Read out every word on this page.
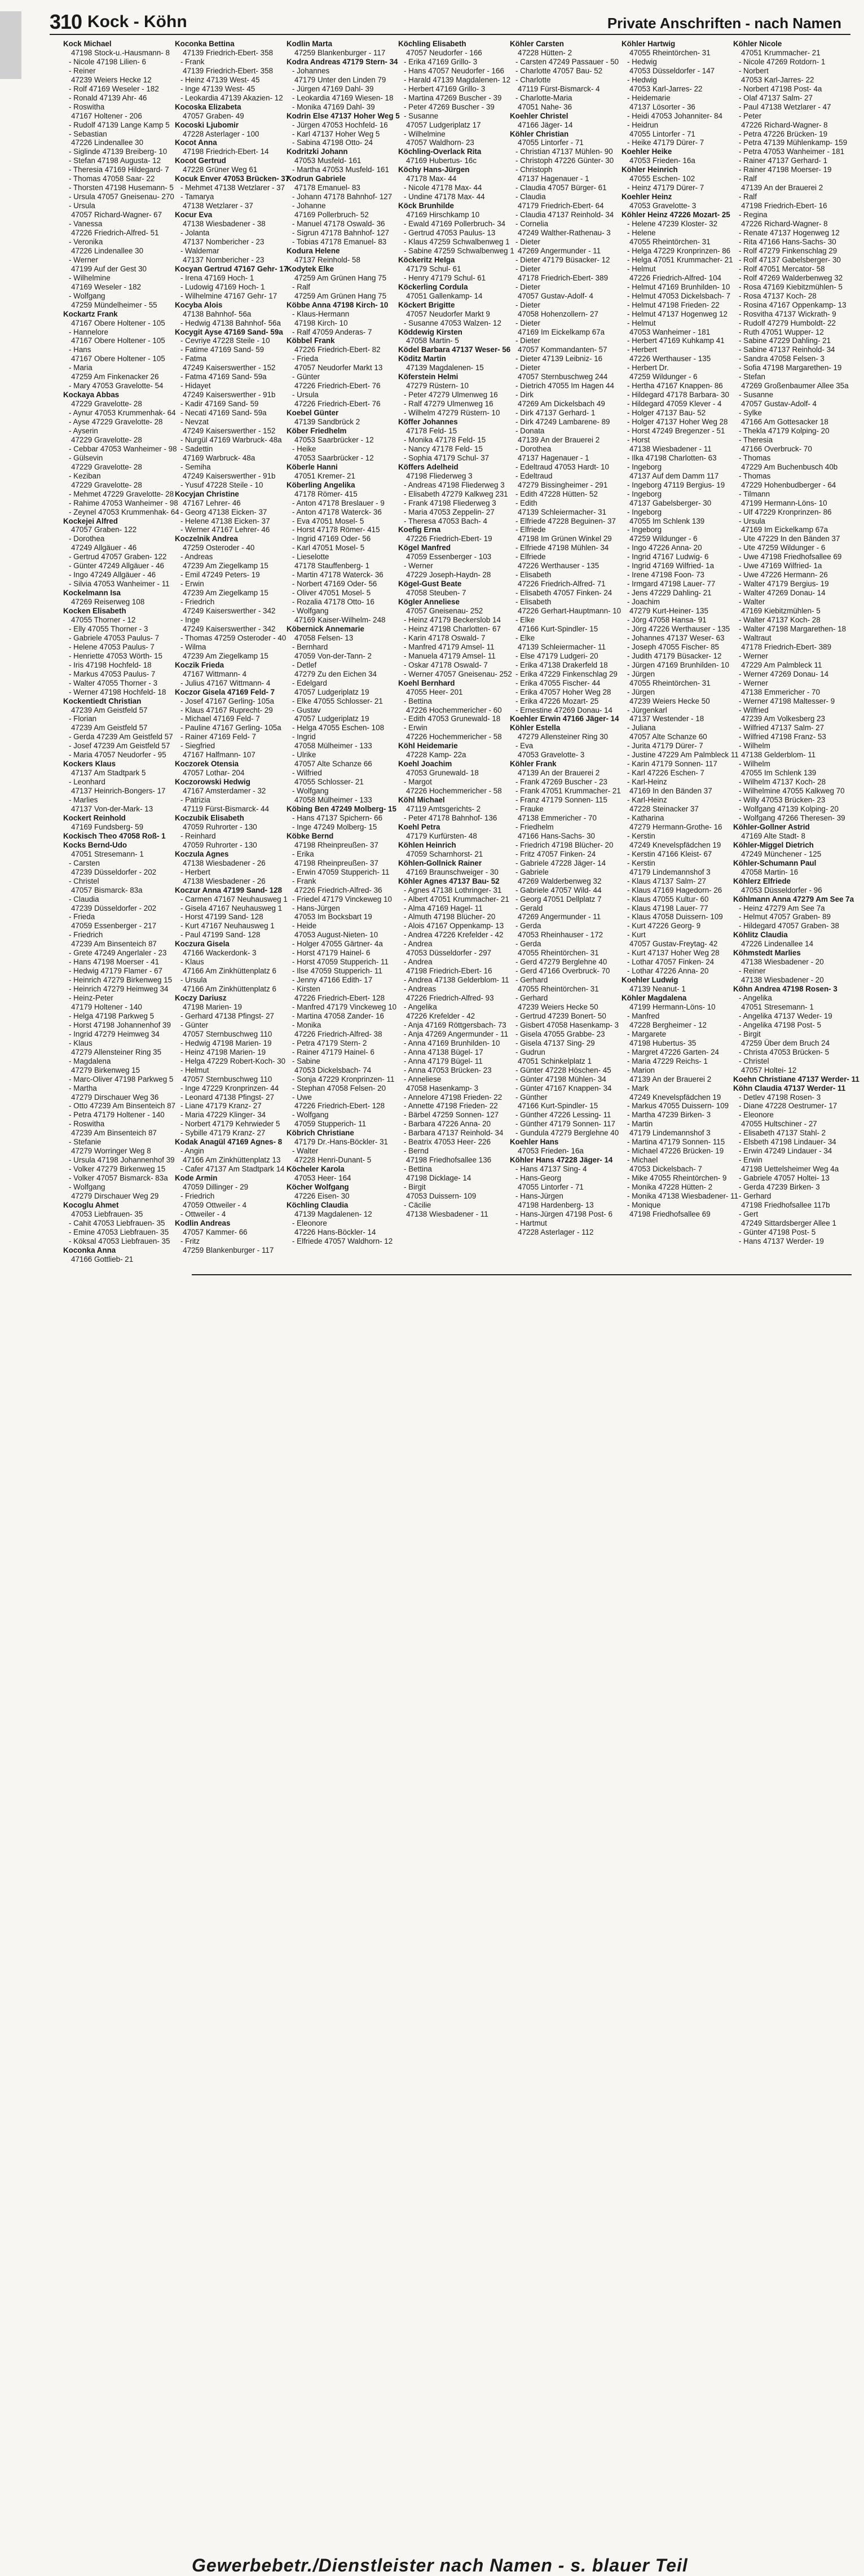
310 Kock - Köhn	Private Anschriften - nach Namen
Kock Michael
47198 Stock-u.-Hausmann- 8
- Nicole 47198 Lilien- 6
- Reiner
47239 Weiers Hecke 12
- Rolf 47169 Weseler - 182
- Ronald 47139 Ahr- 46
- Roswitha
47167 Holtener - 206
- Rudolf 47139 Lange Kamp 5
- Sebastian
47226 Lindenallee 30
- Siglinde 47139 Breiberg- 10
- Stefan 47198 Augusta- 12
- Theresia 47169 Hildegard- 7
- Thomas 47058 Saar- 22
- Thorsten 47198 Husemann- 5
- Ursula 47057 Gneisenau- 270
- Ursula
47057 Richard-Wagner- 67
- Vanessa
47226 Friedrich-Alfred- 51
- Veronika
47226 Lindenallee 30
- Werner
47199 Auf der Gest 30
- Wilhelmine
47169 Weseler - 182
- Wolfgang
47259 Mündelheimer - 55
Kockartz Frank
47167 Obere Holtener - 105
- Hannelore
47167 Obere Holtener - 105
- Hans
47167 Obere Holtener - 105
- Maria
47259 Am Finkenacker 26
- Mary 47053 Gravelotte- 54
Kockaya Abbas
47229 Gravelotte- 28
- Aynur 47053 Krummenhak- 64
- Ayse 47229 Gravelotte- 28
- Ayserin
47229 Gravelotte- 28
- Cebbar 47053 Wanheimer - 98
- Gülsevin
47229 Gravelotte- 28
- Keziban
47229 Gravelotte- 28
- Mehmet 47229 Gravelotte- 28
- Rahime 47053 Wanheimer - 98
- Zeynel 47053 Krummenhak- 64
Kockejei Alfred
47057 Graben- 122
- Dorothea
47249 Allgäuer - 46
- Gertrud 47057 Graben- 122
- Günter 47249 Allgäuer - 46
- Ingo 47249 Allgäuer - 46
- Silvia 47053 Wanheimer - 11
Kockelmann Isa
47269 Reiserweg 108
Kocken Elisabeth
47055 Thorner - 12
- Elly 47055 Thorner - 3
- Gabriele 47053 Paulus- 7
- Helene 47053 Paulus- 7
- Henriette 47053 Wörth- 15
- Iris 47198 Hochfeld- 18
- Markus 47053 Paulus- 7
- Walter 47055 Thorner - 3
- Werner 47198 Hochfeld- 18
Kockentiedt Christian
47239 Am Geistfeld 57
- Florian
47239 Am Geistfeld 57
- Gerda 47239 Am Geistfeld 57
- Josef 47239 Am Geistfeld 57
- Maria 47057 Neudorfer - 95
Kockers Klaus
47137 Am Stadtpark 5
- Leonhard
47137 Heinrich-Bongers- 17
- Marlies
47137 Von-der-Mark- 13
Kockert Reinhold
47169 Fundsberg- 59
Kockisch Theo 47058 Roß- 1
Kocks Bernd-Udo
47051 Stresemann- 1
- Carsten
47239 Düsseldorfer - 202
- Christel
47057 Bismarck- 83a
- Claudia
47239 Düsseldorfer - 202
- Frieda
47059 Essenberger - 217
- Friedrich
47239 Am Binsenteich 87
- Grete 47249 Angerlaler - 23
- Hans 47198 Moerser - 41
- Hedwig 47179 Flamer - 67
- Heinrich 47279 Birkenweg 15
- Heinrich 47279 Heimweg 34
- Heinz-Peter
47179 Holtener - 140
- Helga 47198 Parkweg 5
- Horst 47198 Johannenhof 39
- Ingrid 47279 Heimweg 34
- Klaus
47279 Allensteiner Ring 35
- Magdalena
47279 Birkenweg 15
- Marc-Oliver 47198 Parkweg 5
- Martha
47279 Dirschauer Weg 36
- Otto 47239 Am Binsenteich 87
- Petra 47179 Holtener - 140
- Roswitha
47239 Am Binsenteich 87
- Stefanie
47279 Worringer Weg 8
- Ursula 47198 Johannenhof 39
- Volker 47279 Birkenweg 15
- Volker 47057 Bismarck- 83a
- Wolfgang
47279 Dirschauer Weg 29
Kocoglu Ahmet
47053 Liebfrauen- 35
- Cahit 47053 Liebfrauen- 35
- Emine 47053 Liebfrauen- 35
- Köksal 47053 Liebfrauen- 35
Koconka Anna
47166 Gottlieb- 21
Koconka Bettina
47139 Friedrich-Ebert- 358
- Frank
47139 Friedrich-Ebert- 358
- Heinz 47139 West- 45
- Inge 47139 West- 45
- Leokardia 47139 Akazien- 12
Kocoska Elizabeta
47057 Graben- 49
Kocoski Ljubomir
47228 Asterlager - 100
Kocot Anna
47198 Friedrich-Ebert- 14
Kocot Gertrud
47228 Grüner Weg 61
Kocuk Enver 47053 Brücken- 37
- Mehmet 47138 Wetzlarer - 37
- Tamarya
47138 Wetzlarer - 37
Kocur Eva
47138 Wiesbadener - 38
- Jolanta
47137 Nombericher - 23
- Waldemar
47137 Nombericher - 23
Kocyan Gertrud 47167 Gehr- 17
- Irena 47169 Hoch- 1
- Ludowig 47169 Hoch- 1
- Wilhelmine 47167 Gehr- 17
Kocyba Alois
47138 Bahnhof- 56a
- Hedwig 47138 Bahnhof- 56a
Kocygit Ayse 47169 Sand- 59a
- Cevriye 47228 Steile - 10
- Fatime 47169 Sand- 59
- Fatma
47249 Kaiserswerther - 152
- Fatma 47169 Sand- 59a
- Hidayet
47249 Kaiserswerther - 91b
- Kadir 47169 Sand- 59
- Necati 47169 Sand- 59a
- Nevzat
47249 Kaiserswerther - 152
- Nurgül 47169 Warbruck- 48a
- Sadettin
47169 Warbruck- 48a
- Semiha
47249 Kaiserswerther - 91b
- Yusuf 47228 Steile - 10
Kocyjan Christine
47167 Lehrer- 46
- Georg 47138 Eicken- 37
- Helene 47138 Eicken- 37
- Werner 47167 Lehrer- 46
Koczelnik Andrea
47259 Osteroder - 40
- Andreas
47239 Am Ziegelkamp 15
- Emil 47249 Peters- 19
- Erwin
47239 Am Ziegelkamp 15
- Friedrich
47249 Kaiserswerther - 342
- Inge
47249 Kaiserswerther - 342
- Thomas 47259 Osteroder - 40
- Wilma
47239 Am Ziegelkamp 15
Koczik Frieda
47167 Wittmann- 4
- Julius 47167 Wittmann- 4
Koczor Gisela 47169 Feld- 7
- Josef 47167 Gerling- 105a
- Klaus 47167 Ruprecht- 29
- Michael 47169 Feld- 7
- Pauline 47167 Gerling- 105a
- Rainer 47169 Feld- 7
- Siegfried
47167 Halfmann- 107
Koczorek Otensia
47057 Lothar- 204
Koczorowski Hedwig
47167 Amsterdamer - 32
- Patrizia
47119 Fürst-Bismarck- 44
Koczubik Elisabeth
47059 Ruhrorter - 130
- Reinhard
47059 Ruhrorter - 130
Koczula Agnes
47138 Wiesbadener - 26
- Herbert
47138 Wiesbadener - 26
Koczur Anna 47199 Sand- 128
- Carmen 47167 Neuhausweg 1
- Gisela 47167 Neuhausweg 1
- Horst 47199 Sand- 128
- Kurt 47167 Neuhausweg 1
- Paul 47199 Sand- 128
Koczura Gisela
47166 Wackerdonk- 3
- Klaus
47166 Am Zinkhüttenplatz 6
- Ursula
47166 Am Zinkhüttenplatz 6
Koczy Dariusz
47198 Marien- 19
- Gerhard 47138 Pfingst- 27
- Günter
47057 Sternbuschweg 110
- Hedwig 47198 Marien- 19
- Heinz 47198 Marien- 19
- Helga 47229 Robert-Koch- 30
- Helmut
47057 Sternbuschweg 110
- Inge 47229 Kronprinzen- 44
- Leonard 47138 Pfingst- 27
- Liane 47179 Kranz- 27
- Maria 47229 Klinger- 34
- Norbert 47179 Kehrwieder 5
- Sybille 47179 Kranz- 27
Kodak Anagül 47169 Agnes- 8
- Angin
47166 Am Zinkhüttenplatz 13
- Cafer 47137 Am Stadtpark 14
Kode Armin
47059 Dillinger - 29
- Friedrich
47059 Ottweiler - 4
- Ottweiler - 4
Kodlin Andreas
47057 Kammer- 66
- Fritz
47259 Blankenburger - 117
Kodlin Marta
47259 Blankenburger - 117
Kodra Andreas 47179 Stern- 34
- Johannes
47179 Unter den Linden 79
- Jürgen 47169 Dahl- 39
- Leokardia 47169 Wiesen- 18
- Monika 47169 Dahl- 39
Kodrin Else 47137 Hoher Weg 5
- Jürgen 47053 Hochfeld- 16
- Karl 47137 Hoher Weg 5
- Sabina 47198 Otto- 24
Kodritzki Johann
47053 Musfeld- 161
- Martha 47053 Musfeld- 161
Kodrun Gabriele
47178 Emanuel- 83
- Johann 47178 Bahnhof- 127
- Johanne
47169 Pollerbruch- 52
- Manuel 47178 Oswald- 36
- Sigrun 47178 Bahnhof- 127
- Tobias 47178 Emanuel- 83
Kodura Helene
47137 Reinhold- 58
Kodytek Elke
47259 Am Grünen Hang 75
- Ralf
47259 Am Grünen Hang 75
Köbbe Anna 47198 Kirch- 10
- Klaus-Hermann
47198 Kirch- 10
- Ralf 47059 Anderas- 7
Köbbel Frank
47226 Friedrich-Ebert- 82
- Frieda
47057 Neudorfer Markt 13
- Günter
47226 Friedrich-Ebert- 76
- Ursula
47226 Friedrich-Ebert- 76
Koebel Günter
47139 Sandbrück 2
Köber Friedhelm
47053 Saarbrücker - 12
- Heike
47053 Saarbrücker - 12
Köberle Hanni
47051 Kremer- 21
Köberling Angelika
47178 Römer- 415
- Anton 47178 Breslauer - 9
- Anton 47178 Waterck- 36
- Eva 47051 Mosel- 5
- Horst 47178 Römer- 415
- Ingrid 47169 Oder- 56
- Karl 47051 Mosel- 5
- Lieselotte
47178 Stauffenberg- 1
- Martin 47178 Waterck- 36
- Norbert 47169 Oder- 56
- Oliver 47051 Mosel- 5
- Rozalia 47178 Otto- 16
- Wolfgang
47169 Kaiser-Wilhelm- 248
Köbernick Annemarie
47058 Felsen- 13
- Bernhard
47059 Von-der-Tann- 2
- Detlef
47279 Zu den Eichen 34
- Edelgard
47057 Ludgeriplatz 19
- Elke 47055 Schlosser- 21
- Gustav
47057 Ludgeriplatz 19
- Helga 47055 Eschen- 108
- Ingrid
47058 Mülheimer - 133
- Ulrike
47057 Alte Schanze 66
- Wilfried
47055 Schlosser- 21
- Wolfgang
47058 Mülheimer - 133
Köbing Ben 47249 Molberg- 15
- Hans 47137 Spichern- 66
- Inge 47249 Molberg- 15
Köbke Bernd
47198 Rheinpreußen- 37
- Erika
47198 Rheinpreußen- 37
- Erwin 47059 Stupperich- 11
- Frank
47226 Friedrich-Alfred- 36
- Friedel 47179 Vinckeweg 10
- Hans-Jürgen
47053 Im Bocksbart 19
- Heide
47053 August-Nieten- 10
- Holger 47055 Gärtner- 4a
- Horst 47179 Hainel- 6
- Horst 47059 Stupperich- 11
- Ilse 47059 Stupperich- 11
- Jenny 47166 Edith- 17
- Kirsten
47226 Friedrich-Ebert- 128
- Manfred 47179 Vinckeweg 10
- Martina 47058 Zander- 16
- Monika
47226 Friedrich-Alfred- 38
- Petra 47179 Stern- 2
- Rainer 47179 Hainel- 6
- Sabine
47053 Dickelsbach- 74
- Sonja 47229 Kronprinzen- 11
- Stephan 47058 Felsen- 20
- Uwe
47226 Friedrich-Ebert- 128
- Wolfgang
47059 Stupperich- 11
Köbrich Christiane
47179 Dr.-Hans-Böckler- 31
- Walter
47228 Henri-Dunant- 5
Köcheler Karola
47053 Heer- 164
Köcher Wolfgang
47226 Eisen- 30
Köchling Claudia
47139 Magdalenen- 12
- Eleonore
47226 Hans-Böckler- 14
- Elfriede 47057 Waldhorn- 12
Köchling Elisabeth
47057 Neudorfer - 166
- Erika 47169 Grillo- 3
- Hans 47057 Neudorfer - 166
- Harald 47139 Magdalenen- 12
- Herbert 47169 Grillo- 3
- Martina 47269 Buscher - 39
- Peter 47269 Buscher - 39
- Susanne
47057 Ludgeriplatz 17
- Wilhelmine
47057 Waldhorn- 23
Köchling-Overlack Rita
47169 Hubertus- 16c
Köchy Hans-Jürgen
47178 Max- 44
- Nicole 47178 Max- 44
- Undine 47178 Max- 44
Köck Brunhilde
47169 Hirschkamp 10
- Ewald 47169 Pollerbruch- 34
- Gertrud 47053 Paulus- 13
- Klaus 47259 Schwalbenweg 1
- Sabine 47259 Schwalbenweg 1
Köckeritz Helga
47179 Schul- 61
- Henry 47179 Schul- 61
Köckerling Cordula
47051 Gallenkamp- 14
Köckert Brigitte
47057 Neudorfer Markt 9
- Susanne 47053 Walzen- 12
Köddewig Kirsten
47058 Martin- 5
Ködel Barbara 47137 Weser- 56
Köditz Martin
47139 Magdalenen- 15
Köferstein Helmi
47279 Rüstern- 10
- Peter 47279 Ulmenweg 16
- Ralf 47279 Ulmenweg 16
- Wilhelm 47279 Rüstern- 10
Köffer Johannes
47178 Feld- 15
- Monika 47178 Feld- 15
- Nancy 47178 Feld- 15
- Sophia 47179 Schul- 37
Köffers Adelheid
47198 Fliederweg 3
- Andreas 47198 Fliederweg 3
- Elisabeth 47279 Kalkweg 231
- Frank 47198 Fliederweg 3
- Maria 47053 Zeppelin- 27
- Theresa 47053 Bach- 4
Koefig Erna
47226 Friedrich-Ebert- 19
Kögel Manfred
47059 Essenberger - 103
- Werner
47229 Joseph-Haydn- 28
Kögel-Gust Beate
47058 Steuben- 7
Kögler Anneliese
47057 Gneisenau- 252
- Heinz 47179 Beckerslob 14
- Heinz 47198 Charlotten- 67
- Karin 47178 Oswald- 7
- Manfred 47179 Amsel- 11
- Manuela 47179 Amsel- 11
- Oskar 47178 Oswald- 7
- Werner 47057 Gneisenau- 252
Koehl Bernhard
47055 Heer- 201
- Bettina
47226 Hochemmericher - 60
- Edith 47053 Grunewald- 18
- Erwin
47226 Hochemmericher - 58
Köhl Heidemarie
47228 Kamp- 22a
Koehl Joachim
47053 Grunewald- 18
- Margot
47226 Hochemmericher - 58
Köhl Michael
47119 Amtsgerichts- 2
- Peter 47178 Bahnhof- 136
Koehl Petra
47179 Kurfürsten- 48
Köhlen Heinrich
47059 Scharnhorst- 21
Köhlen-Gollnick Rainer
47169 Braunschweiger - 30
Köhler Agnes 47137 Bau- 52
- Agnes 47138 Lothringer- 31
- Albert 47051 Krummacher- 21
- Alma 47169 Hagel- 11
- Almuth 47198 Blücher- 20
- Alois 47167 Oppenkamp- 13
- Andrea 47226 Krefelder - 42
- Andrea
47053 Düsseldorfer - 297
- Andrea
47198 Friedrich-Ebert- 16
- Andrea 47138 Gelderblom- 11
- Andreas
47226 Friedrich-Alfred- 93
- Angelika
47226 Krefelder - 42
- Anja 47169 Röttgersbach- 73
- Anja 47269 Angermunder - 11
- Anna 47169 Brunhilden- 10
- Anna 47138 Bügel- 17
- Anna 47179 Bügel- 11
- Anna 47053 Brücken- 23
- Anneliese
47058 Hasenkamp- 3
- Annelore 47198 Frieden- 22
- Annette 47198 Frieden- 22
- Bärbel 47259 Sonnen- 127
- Barbara 47226 Anna- 20
- Barbara 47137 Reinhold- 34
- Beatrix 47053 Heer- 226
- Bernd
47198 Friedhofsallee 136
- Bettina
47198 Dicklage- 14
- Birgit
47053 Duissern- 109
- Cäcilie
47138 Wiesbadener - 11
Köhler Carsten
47228 Hütten- 2
- Carsten 47249 Passauer - 50
- Charlotte 47057 Bau- 52
- Charlotte
47119 Fürst-Bismarck- 4
- Charlotte-Maria
47051 Nahe- 36
Koehler Christel
47166 Jäger- 14
Köhler Christian
47055 Lintorfer - 71
- Christian 47137 Mühlen- 90
- Christoph 47226 Günter- 30
- Christoph
47137 Hagenauer - 1
- Claudia 47057 Bürger- 61
- Claudia
47179 Friedrich-Ebert- 64
- Claudia 47137 Reinhold- 34
- Cornelia
47249 Walther-Rathenau- 3
- Dieter
47269 Angermunder - 11
- Dieter 47179 Büsacker- 12
- Dieter
47178 Friedrich-Ebert- 389
- Dieter
47057 Gustav-Adolf- 4
- Dieter
47058 Hohenzollern- 27
- Dieter
47169 Im Eickelkamp 67a
- Dieter
47057 Kommandanten- 57
- Dieter 47139 Leibniz- 16
- Dieter
47057 Sternbuschweg 244
- Dietrich 47055 Im Hagen 44
- Dirk
47269 Am Dickelsbach 49
- Dirk 47137 Gerhard- 1
- Dirk 47249 Lambarene- 89
- Donata
47139 An der Brauerei 2
- Dorothea
47137 Hagenauer - 1
- Edeltraud 47053 Hardt- 10
- Edeltraud
47279 Bissingheimer - 291
- Edith 47228 Hütten- 52
- Edith
47139 Schleiermacher- 31
- Elfriede 47228 Beguinen- 37
- Elfriede
47198 Im Grünen Winkel 29
- Elfriede 47198 Mühlen- 34
- Elfriede
47226 Werthauser - 135
- Elisabeth
47226 Friedrich-Alfred- 71
- Elisabeth 47057 Finken- 24
- Elisabeth
47226 Gerhart-Hauptmann- 10
- Elke
47166 Kurt-Spindler- 15
- Elke
47139 Schleiermacher- 11
- Else 47179 Ludgeri- 20
- Erika 47138 Drakerfeld 18
- Erika 47229 Finkenschlag 29
- Erika 47055 Fischer- 44
- Erika 47057 Hoher Weg 28
- Erika 47226 Mozart- 25
- Ernestine 47269 Donau- 14
Koehler Erwin 47166 Jäger- 14
Köhler Estella
47279 Allensteiner Ring 30
- Eva
47053 Gravelotte- 3
Köhler Frank
47139 An der Brauerei 2
- Frank 47269 Buscher - 23
- Frank 47051 Krummacher- 21
- Franz 47179 Sonnen- 115
- Frauke
47138 Emmericher - 70
- Friedhelm
47166 Hans-Sachs- 30
- Friedrich 47198 Blücher- 20
- Fritz 47057 Finken- 24
- Gabriele 47228 Jäger- 14
- Gabriele
47269 Walderbenweg 32
- Gabriele 47057 Wild- 44
- Georg 47051 Dellplatz 7
- Gerald
47269 Angermunder - 11
- Gerda
47053 Rheinhauser - 172
- Gerda
47055 Rheintörchen- 31
- Gerd 47279 Berglehne 40
- Gerd 47166 Overbruck- 70
- Gerhard
47055 Rheintörchen- 31
- Gerhard
47239 Weiers Hecke 50
- Gertrud 47239 Bonert- 50
- Gisbert 47058 Hasenkamp- 3
- Gisela 47055 Grabbe- 23
- Gisela 47137 Sing- 29
- Gudrun
47051 Schinkelplatz 1
- Günter 47228 Höschen- 45
- Günter 47198 Mühlen- 34
- Günter 47167 Knappen- 34
- Günther
47166 Kurt-Spindler- 15
- Günther 47226 Lessing- 11
- Günther 47179 Sonnen- 117
- Gundula 47279 Berglehne 40
Koehler Hans
47053 Frieden- 16a
Köhler Hans 47228 Jäger- 14
- Hans 47137 Sing- 4
- Hans-Georg
47055 Lintorfer - 71
- Hans-Jürgen
47198 Hardenberg- 13
- Hans-Jürgen 47198 Post- 6
- Hartmut
47228 Asterlager - 112
Köhler Hartwig
47055 Rheintörchen- 31
- Hedwig
47053 Düsseldorfer - 147
- Hedwig
47053 Karl-Jarres- 22
- Heidemarie
47137 Lösorter - 36
- Heidi 47053 Johanniter- 84
- Heidrun
47055 Lintorfer - 71
- Heike 47179 Dürer- 7
Koehler Heike
47053 Frieden- 16a
Köhler Heinrich
47055 Eschen- 102
- Heinz 47179 Dürer- 7
Koehler Heinz
47053 Gravelotte- 3
Köhler Heinz 47226 Mozart- 25
- Helene 47239 Kloster- 32
- Helene
47055 Rheintörchen- 31
- Helga 47229 Kronprinzen- 86
- Helga 47051 Krummacher- 21
- Helmut
47226 Friedrich-Alfred- 104
- Helmut 47169 Brunhilden- 10
- Helmut 47053 Dickelsbach- 7
- Helmut 47198 Frieden- 22
- Helmut 47137 Hogenweg 12
- Helmut
47053 Wanheimer - 181
- Herbert 47169 Kuhkamp 41
- Herbert
47226 Werthauser - 135
- Herbert Dr.
47259 Wildunger - 6
- Hertha 47167 Knappen- 86
- Hildegard 47178 Barbara- 30
- Hildegard 47059 Klever - 4
- Holger 47137 Bau- 52
- Holger 47137 Hoher Weg 28
- Horst 47249 Bregenzer - 51
- Horst
47138 Wiesbadener - 11
- Ilka 47198 Charlotten- 63
- Ingeborg
47137 Auf dem Damm 117
- Ingeborg 47119 Bergius- 19
- Ingeborg
47137 Gabelsberger- 30
- Ingeborg
47055 Im Schlenk 139
- Ingeborg
47259 Wildunger - 6
- Ingo 47226 Anna- 20
- Ingrid 47167 Ludwig- 6
- Ingrid 47169 Wilfried- 1a
- Irene 47198 Foon- 73
- Irmgard 47198 Lauer- 77
- Jens 47229 Dahling- 21
- Joachim
47279 Kurt-Heiner- 135
- Jörg 47058 Hansa- 91
- Jörg 47226 Werthauser - 135
- Johannes 47137 Weser- 63
- Joseph 47055 Fischer- 85
- Judith 47179 Büsacker- 12
- Jürgen 47169 Brunhilden- 10
- Jürgen
47055 Rheintörchen- 31
- Jürgen
47239 Weiers Hecke 50
- Jürgenkarl
47137 Westender - 18
- Juliana
47057 Alte Schanze 60
- Jurita 47179 Dürer- 7
- Justine 47229 Am Palmbleck 11
- Karin 47179 Sonnen- 117
- Karl 47226 Eschen- 7
- Karl-Heinz
47169 In den Bänden 37
- Karl-Heinz
47228 Steinacker 37
- Katharina
47279 Hermann-Grothe- 16
- Kerstin
47249 Knevelspfädchen 19
- Kerstin 47166 Kleist- 67
- Kerstin
47179 Lindemannshof 3
- Klaus 47137 Salm- 27
- Klaus 47169 Hagedorn- 26
- Klaus 47055 Kultur- 60
- Klaus 47198 Lauer- 77
- Klaus 47058 Duissern- 109
- Kurt 47226 Georg- 9
- Kurt
47057 Gustav-Freytag- 42
- Kurt 47137 Hoher Weg 28
- Lothar 47057 Finken- 24
- Lothar 47226 Anna- 20
Koehler Ludwig
47139 Neanut- 1
Köhler Magdalena
47199 Hermann-Löns- 10
- Manfred
47228 Bergheimer - 12
- Margarete
47198 Hubertus- 35
- Margret 47226 Garten- 24
- Maria 47229 Reichs- 1
- Marion
47139 An der Brauerei 2
- Mark
47249 Knevelspfädchen 19
- Markus 47055 Duissern- 109
- Martha 47239 Birken- 3
- Martin
47179 Lindemannshof 3
- Martina 47179 Sonnen- 115
- Michael 47226 Brücken- 19
- Michael
47053 Dickelsbach- 7
- Mike 47055 Rheintörchen- 9
- Monika 47228 Hütten- 2
- Monika 47138 Wiesbadener- 11
- Monique
47198 Friedhofsallee 69
Köhler Nicole
47051 Krummacher- 21
- Nicole 47269 Rotdorn- 1
- Norbert
47053 Karl-Jarres- 22
- Norbert 47198 Post- 4a
- Olaf 47137 Salm- 27
- Paul 47138 Wetzlarer - 47
- Peter
47226 Richard-Wagner- 8
- Petra 47226 Brücken- 19
- Petra 47139 Mühlenkamp- 159
- Petra 47053 Wanheimer - 181
- Rainer 47137 Gerhard- 1
- Rainer 47198 Moerser- 19
- Ralf
47139 An der Brauerei 2
- Ralf
47198 Friedrich-Ebert- 16
- Regina
47226 Richard-Wagner- 8
- Renate 47137 Hogenweg 12
- Rita 47166 Hans-Sachs- 30
- Rolf 47279 Finkenschlag 29
- Rolf 47137 Gabelsberger- 30
- Rolf 47051 Mercator- 58
- Rolf 47269 Walderbenweg 32
- Rosa 47169 Kiebitzmühlen- 5
- Rosa 47137 Koch- 28
- Rosina 47167 Oppenkamp- 13
- Rosvitha 47137 Wickrath- 9
- Rudolf 47279 Humboldt- 22
- Ruth 47051 Wupper- 12
- Sabine 47229 Dahling- 21
- Sabine 47137 Reinhold- 34
- Sandra 47058 Felsen- 3
- Sofia 47198 Margarethen- 19
- Stefan
47269 Großenbaumer Allee 35a
- Susanne
47057 Gustav-Adolf- 4
- Sylke
47166 Am Gottesacker 18
- Thekla 47179 Kolping- 20
- Theresia
47166 Overbruck- 70
- Thomas
47229 Am Buchenbusch 40b
- Thomas
47229 Hohenbudberger - 64
- Tilmann
47199 Hermann-Löns- 10
- Ulf 47229 Kronprinzen- 86
- Ursula
47169 Im Eickelkamp 67a
- Ute 47229 In den Bänden 37
- Ute 47259 Wildunger - 6
- Uwe 47198 Friedhofsallee 69
- Uwe 47169 Wilfried- 1a
- Uwe 47226 Hermann- 26
- Walter 47179 Bergius- 19
- Walter 47269 Donau- 14
- Walter
47169 Kiebitzmühlen- 5
- Walter 47137 Koch- 28
- Walter 47198 Margarethen- 18
- Waltraut
47178 Friedrich-Ebert- 389
- Werner
47229 Am Palmbleck 11
- Werner 47269 Donau- 14
- Werner
47138 Emmericher - 70
- Werner 47198 Maltesser- 9
- Wilfried
47239 Am Volkesberg 23
- Wilfried 47137 Salm- 27
- Wilfried 47198 Franz- 53
- Wilhelm
47138 Gelderblom- 11
- Wilhelm
47055 Im Schlenk 139
- Wilhelm 47137 Koch- 28
- Wilhelmine 47055 Kalkweg 70
- Willy 47053 Brücken- 23
- Wolfgang 47139 Kolping- 20
- Wolfgang 47266 Theresen- 39
Köhler-Gollner Astrid
47169 Alte Stadt- 8
Köhler-Miggel Dietrich
47249 Münchener - 125
Köhler-Schumann Paul
47058 Martin- 16
Köhlerz Elfriede
47053 Düsseldorfer - 96
Köhlmann Anna 47279 Am See 7a
- Heinz 47279 Am See 7a
- Helmut 47057 Graben- 89
- Hildegard 47057 Graben- 38
Köhlitz Claudia
47226 Lindenallee 14
Köhmstedt Marlies
47138 Wiesbadener - 20
- Reiner
47138 Wiesbadener - 20
Köhn Andrea 47198 Rosen- 3
- Angelika
47051 Stresemann- 1
- Angelika 47137 Weder- 19
- Angelika 47198 Post- 5
- Birgit
47259 Über dem Bruch 24
- Christa 47053 Brücken- 5
- Christel
47057 Holtei- 12
Koehn Christiane 47137 Werder- 11
Köhn Claudia 47137 Werder- 11
- Detlev 47198 Rosen- 3
- Diane 47228 Oestrumer- 17
- Eleonore
47055 Hultschiner - 27
- Elisabeth 47137 Stahl- 2
- Elsbeth 47198 Lindauer- 34
- Erwin 47249 Lindauer - 34
- Erwin
47198 Uettelsheimer Weg 4a
- Gabriele 47057 Holtei- 13
- Gerda 47239 Birken- 3
- Gerhard
47198 Friedhofsallee 117b
- Gert
47249 Sittardsberger Allee 1
- Günter 47198 Post- 5
- Hans 47137 Werder- 19
Gewerbebetr./Dienstleister nach Namen - s. blauer Teil
